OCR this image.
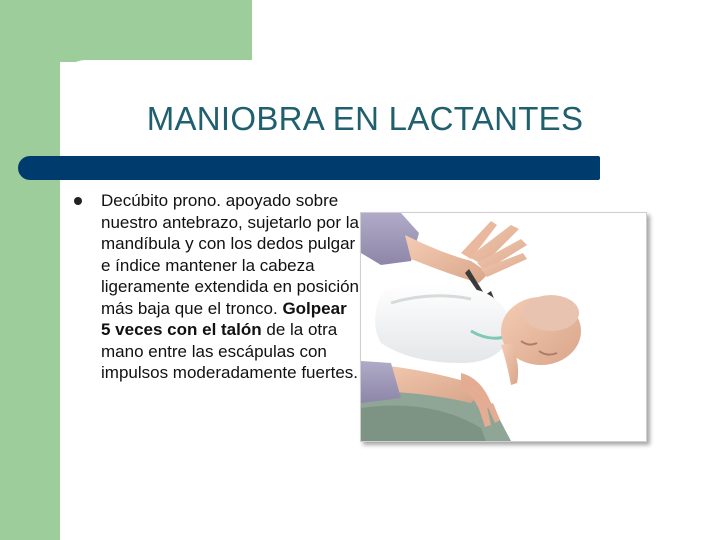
MANIOBRA EN LACTANTES
Decúbito prono. apoyado sobre nuestro antebrazo, sujetarlo por la mandíbula y con los dedos pulgar e índice mantener la cabeza ligeramente extendida en posición más baja que el tronco. Golpear 5 veces con el talón de la otra mano entre las escápulas con impulsos moderadamente fuertes.
